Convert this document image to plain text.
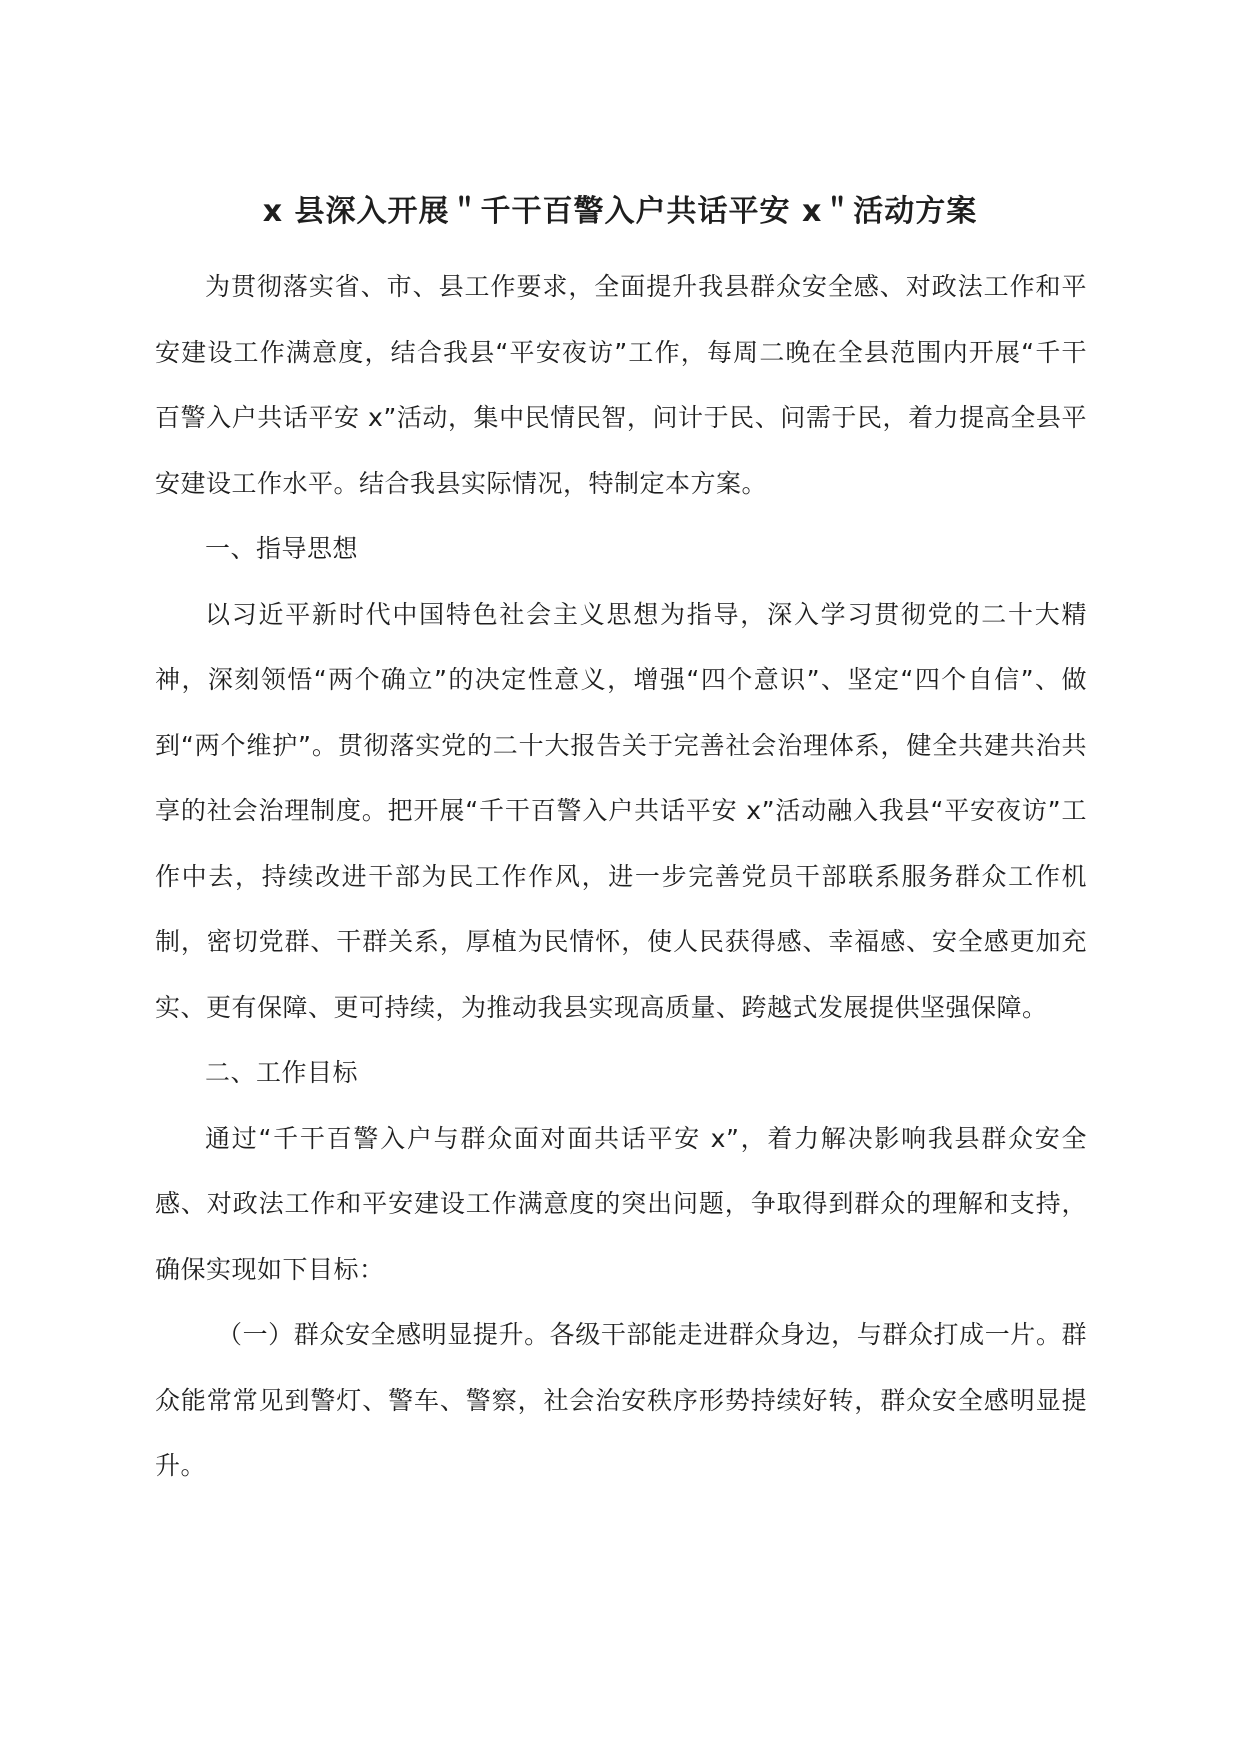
x 县深入开展＂千干百警入户共话平安 x＂活动方案

为贯彻落实省、市、县工作要求，全面提升我县群众安全感、对政法工作和平安建设工作满意度，结合我县“平安夜访”工作，每周二晚在全县范围内开展“千干百警入户共话平安 x”活动，集中民情民智，问计于民、问需于民，着力提高全县平安建设工作水平。结合我县实际情况，特制定本方案。

一、指导思想

以习近平新时代中国特色社会主义思想为指导，深入学习贯彻党的二十大精神，深刻领悟“两个确立”的决定性意义，增强“四个意识”、坚定“四个自信”、做到“两个维护”。贯彻落实党的二十大报告关于完善社会治理体系，健全共建共治共享的社会治理制度。把开展“千干百警入户共话平安 x”活动融入我县“平安夜访”工作中去，持续改进干部为民工作作风，进一步完善党员干部联系服务群众工作机制，密切党群、干群关系，厚植为民情怀，使人民获得感、幸福感、安全感更加充实、更有保障、更可持续，为推动我县实现高质量、跨越式发展提供坚强保障。

二、工作目标

通过“千干百警入户与群众面对面共话平安 x”，着力解决影响我县群众安全感、对政法工作和平安建设工作满意度的突出问题，争取得到群众的理解和支持，确保实现如下目标：

（一）群众安全感明显提升。各级干部能走进群众身边，与群众打成一片。群众能常常见到警灯、警车、警察，社会治安秩序形势持续好转，群众安全感明显提升。
